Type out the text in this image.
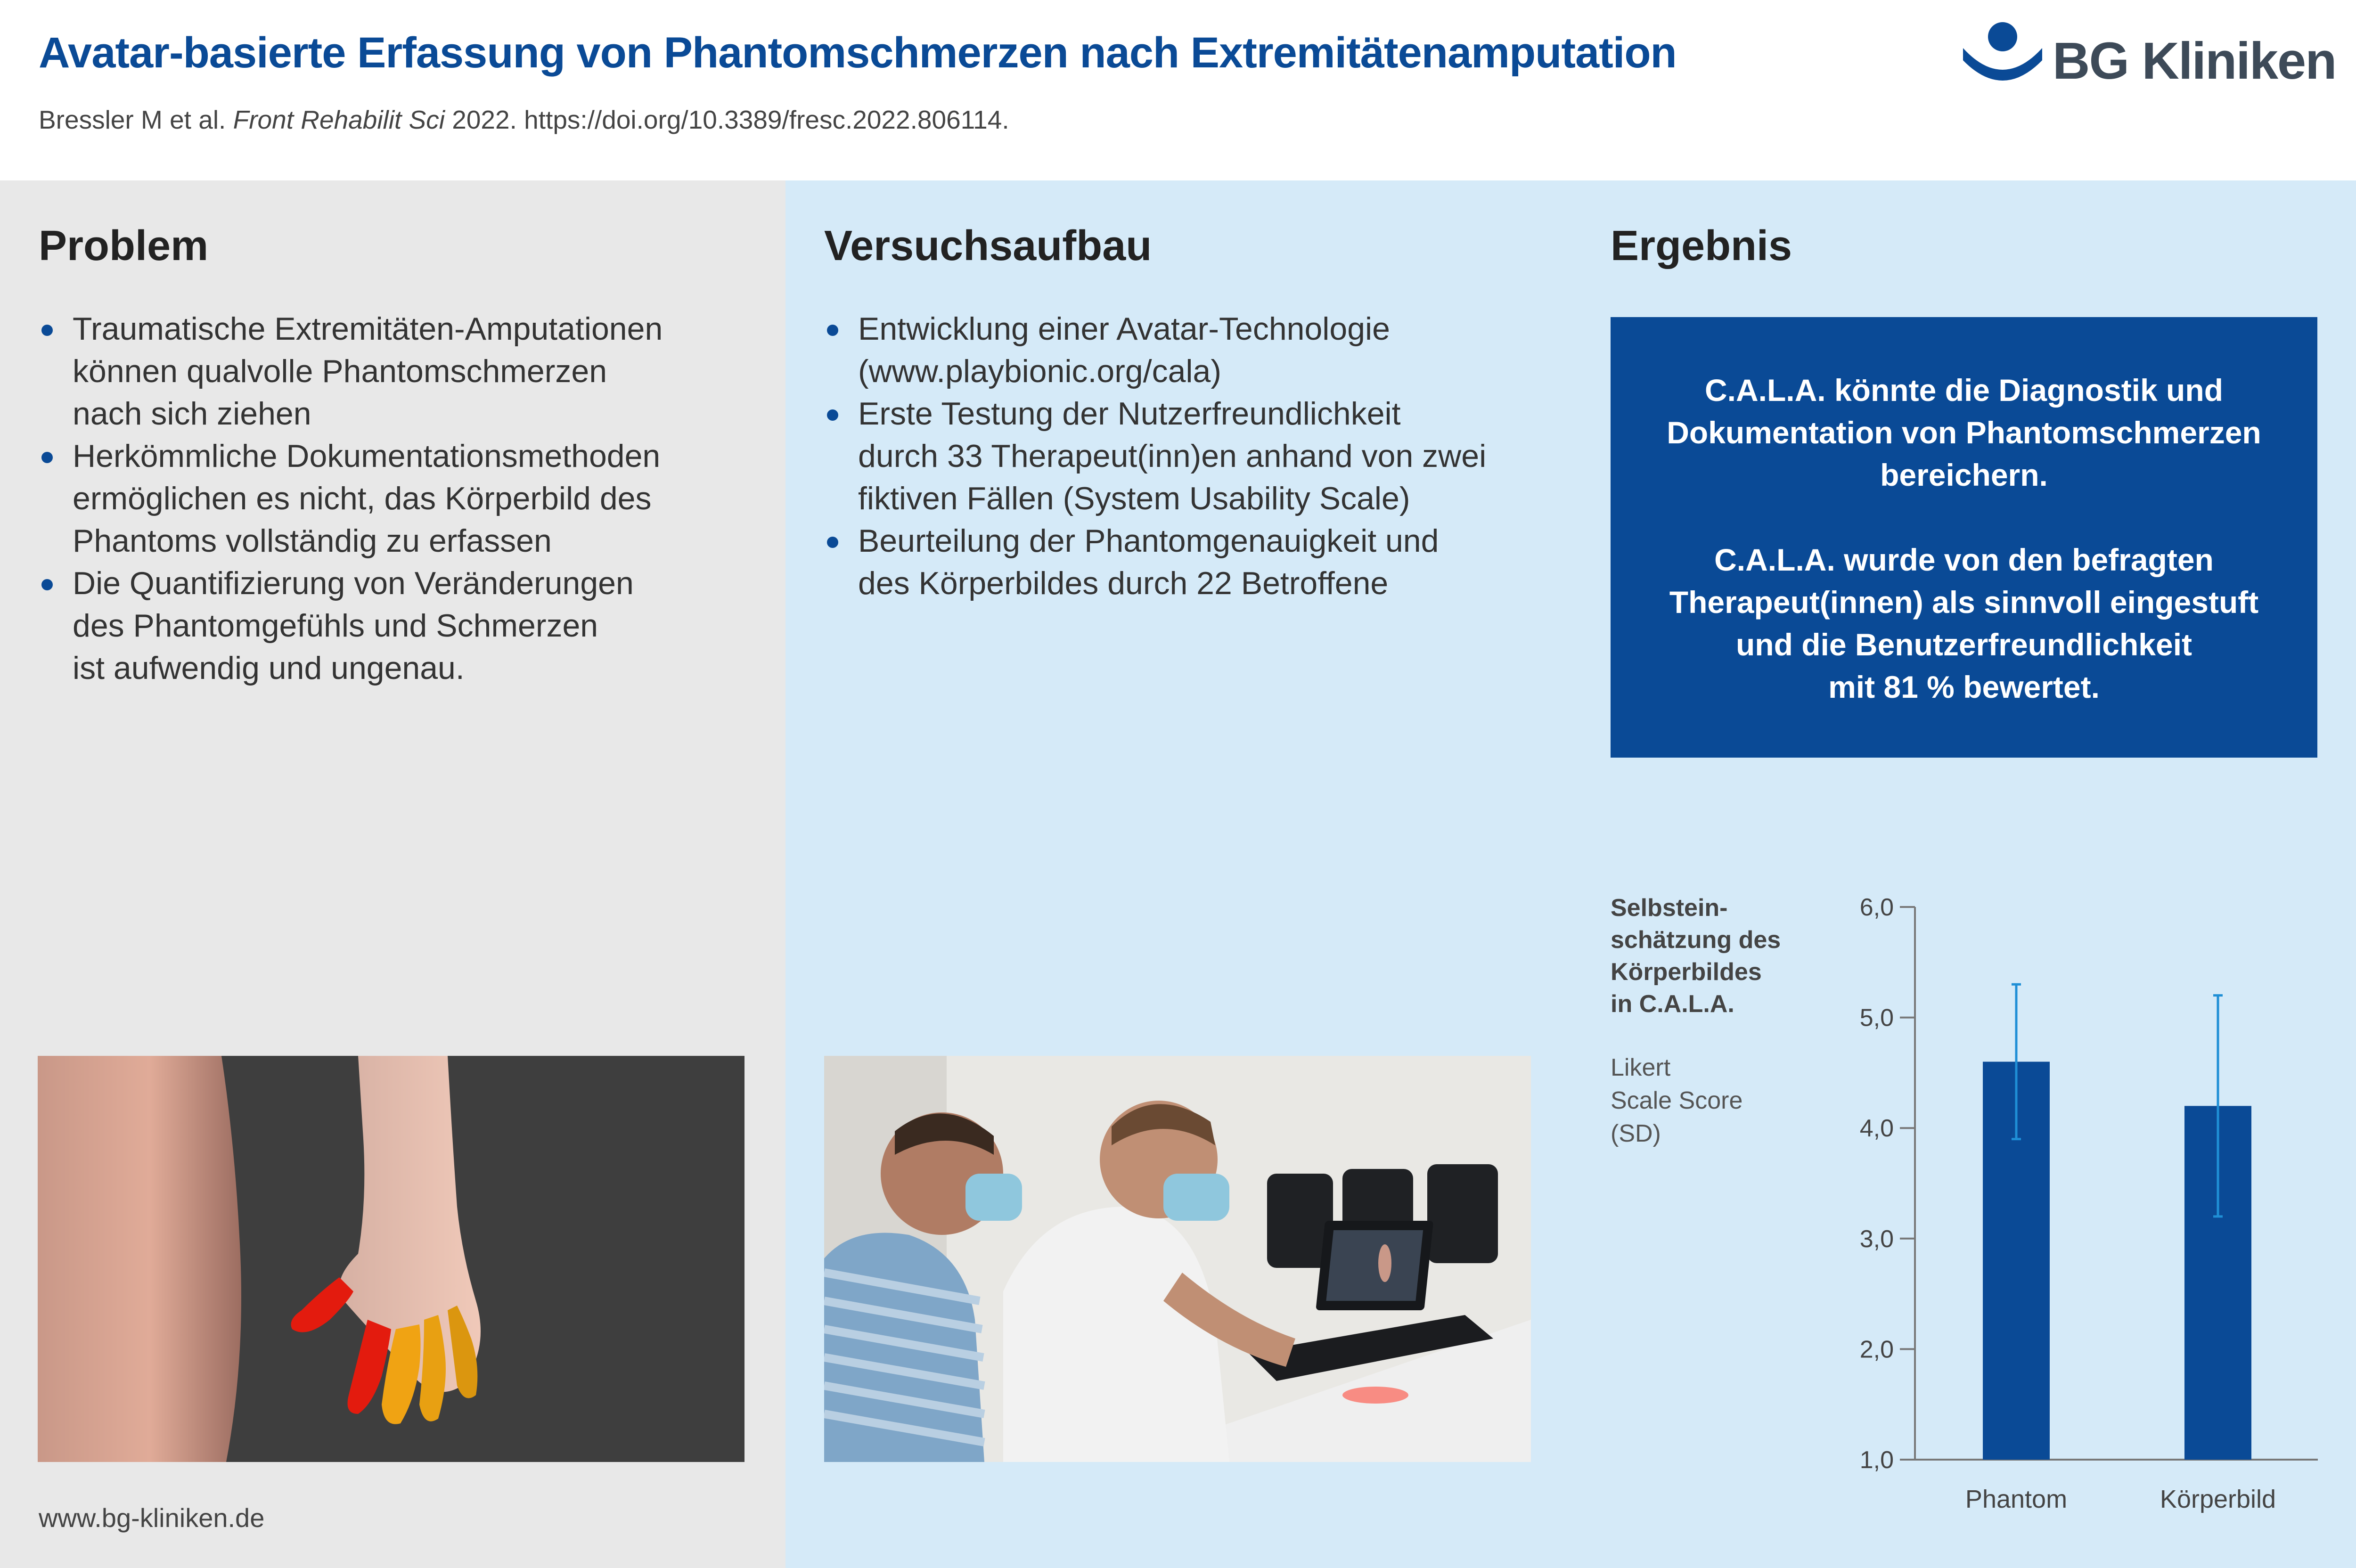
Avatar-basierte Erfassung von Phantomschmerzen nach Extremitätenamputation
Bressler M et al. Front Rehabilit Sci 2022. https://doi.org/10.3389/fresc.2022.806114.
BG Kliniken
Problem
Traumatische Extremitäten-Amputationen
können qualvolle Phantomschmerzen
nach sich ziehen
Herkömmliche Dokumentationsmethoden
ermöglichen es nicht, das Körperbild des
Phantoms vollständig zu erfassen
Die Quantifizierung von Veränderungen
des Phantomgefühls und Schmerzen
ist aufwendig und ungenau.
www.bg-kliniken.de
Versuchsaufbau
Entwicklung einer Avatar-Technologie
(www.playbionic.org/cala)
Erste Testung der Nutzerfreundlichkeit
durch 33 Therapeut(inn)en anhand von zwei
fiktiven Fällen (System Usability Scale)
Beurteilung der Phantomgenauigkeit und
des Körperbildes durch 22 Betroffene
Ergebnis
C.A.L.A. könnte die Diagnostik und
Dokumentation von Phantomschmerzen
bereichern.
C.A.L.A. wurde von den befragten
Therapeut(innen) als sinnvoll eingestuft
und die Benutzerfreundlichkeit
mit 81 % bewertet.
Selbstein-
schätzung des
Körperbildes
in C.A.L.A.
Likert
Scale Score
(SD)
1,0
2,0
3,0
4,0
5,0
6,0
Phantom	Körperbild
